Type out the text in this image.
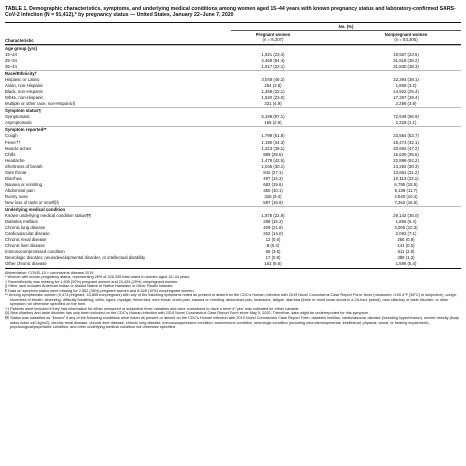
TABLE 1. Demographic characteristics, symptoms, and underlying medical conditions among women aged 15–44 years with known pregnancy status and laboratory-confirmed SARS-CoV-2 infection (N = 91,412),* by pregnancy status — United States, January 22–June 7, 2020
No. (%)
Characteristic
Pregnant women
(n = 8,207)
Nonpregnant women
(n = 83,205)
Age group (yrs)
15–24	1,921 (23.4)	19,557 (23.5)
25–34	4,469 (54.4)	31,818 (38.2)
35–44	1,817 (22.1)	31,830 (38.3)
Race/Ethnicity†
Hispanic or Latino	3,048 (46.2)	22,394 (38.1)
Asian, non-Hispanic	254 (3.8)	1,869 (3.2)
Black, non-Hispanic	1,459 (22.1)	14,922 (25.4)
White, non-Hispanic	1,520 (23.0)	17,297 (29.4)
Multiple or other race, non-Hispanic§	321 (4.9)	2,299 (3.9)
Symptom status¶
Symptomatic	5,199 (97.1)	72,549 (96.9)
Asymptomatic	156 (2.9)	2,328 (3.1)
Symptom reported**
Cough	1,799 (51.8)	23,554 (53.7)
Fever††	1,190 (34.3)	18,474 (42.1)
Muscle aches	1,323 (38.1)	20,693 (47.2)
Chills	989 (28.5)	15,630 (35.6)
Headache	1,479 (42.6)	22,899 (52.2)
Shortness of breath	1,045 (30.1)	13,292 (30.3)
Sore throat	942 (27.1)	13,681 (31.2)
Diarrhea	497 (14.3)	10,113 (23.1)
Nausea or vomiting	682 (19.6)	6,795 (15.5)
Abdominal pain	350 (10.1)	5,139 (11.7)
Runny nose	326 (9.4)	4,540 (10.4)
New loss of taste or smell§§	587 (16.9)	7,262 (16.6)
Underlying medical condition
Known underlying medical condition status¶¶	1,878 (22.9)	29,142 (35.0)
Diabetes mellitus	288 (15.3)	1,866 (6.4)
Chronic lung disease	409 (21.8)	3,006 (10.3)
Cardiovascular disease	262 (14.0)	2,082 (7.1)
Chronic renal disease	12 (0.6)	266 (0.9)
Chronic liver disease	8 (0.4)	141 (0.5)
Immunocompromised condition	66 (3.5)	811 (2.8)
Neurologic disorder, neurodevelopmental disorder, or intellectual disability	17 (0.9)	389 (1.3)
Other chronic disease	162 (8.6)	1,586 (5.4)

Abbreviation: COVID-19 = coronavirus disease 2019.

* Women with known pregnancy status, representing 28% of 326,335 total cases in women aged 15–44 years.

† Race/ethnicity was missing for 1,605 (20%) pregnant women and 24,424 (29%) nonpregnant women.

§ Other race includes American Indian or Alaska Native or Native Hawaiian or Other Pacific Islander.

¶ Data on symptom status were missing for 2,852 (35%) pregnant women and 8,328 (10%) nonpregnant women.

** Among symptomatic women (3,474 pregnant, 43,855 nonpregnant) with any of the following symptoms noted as present or absent on the CDC's Human Infection with 2019 Novel Coronavirus Case Report Form: fever (measured >100.4°F [38°C] or subjective), cough, shortness of breath, wheezing, difficulty breathing, chills, rigors, myalgia, rhinorrhea, sore throat, chest pain, nausea or vomiting, abdominal pain, headache, fatigue, diarrhea (three or more loose stools in a 24-hour period), new olfactory or taste disorder, or other symptom not otherwise specified on the form.

†† Patients were included if they had information for either measured or subjective fever variables and were considered to have a fever if "yes" was indicated for either variable.

§§ New olfactory and taste disorder has only been included on the CDC's Human Infection with 2019 Novel Coronavirus Case Report Form since May 5, 2020. Therefore, data might be underreported for this symptom.

¶¶ Status was classified as "known" if any of the following conditions were noted as present or absent on the CDC's Human Infection with 2019 Novel Coronavirus Case Report Form: diabetes mellitus, cardiovascular disease (including hypertension), severe obesity (body mass index ≥40 kg/m2), chronic renal disease, chronic liver disease, chronic lung disease, immunosuppressive condition, autoimmune condition, neurologic condition (including neurodevelopmental, intellectual, physical, visual, or hearing impairment), psychological/psychiatric condition, and other underlying medical condition not otherwise specified.
